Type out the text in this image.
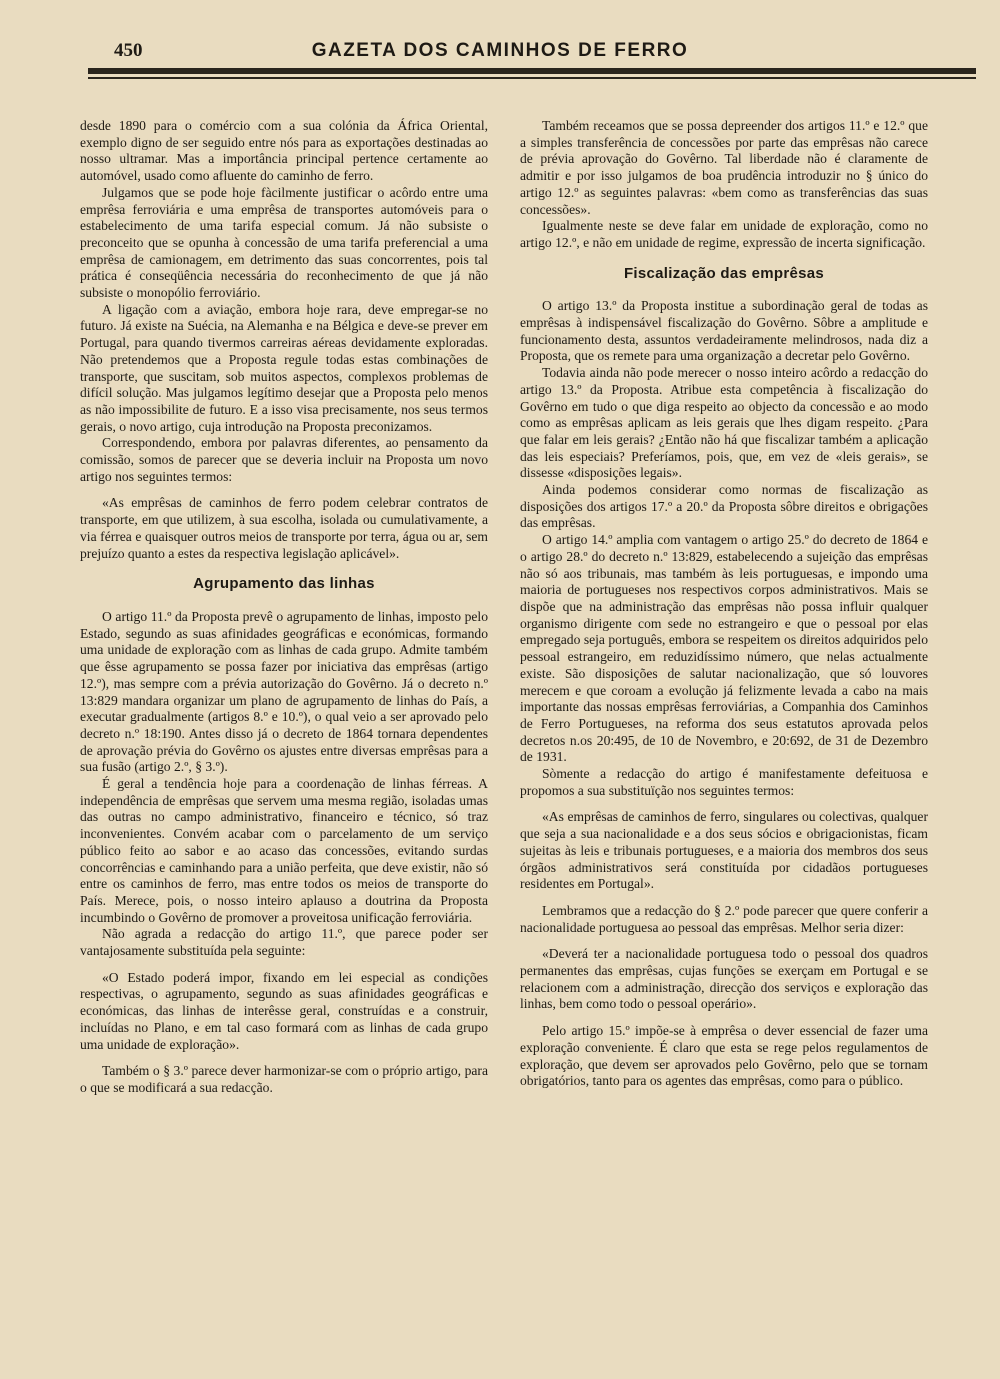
450	GAZETA DOS CAMINHOS DE FERRO

desde 1890 para o comércio com a sua colónia da África Oriental, exemplo digno de ser seguido entre nós para as exportações destinadas ao nosso ultramar. Mas a importância principal pertence certamente ao automóvel, usado como afluente do caminho de ferro.

Julgamos que se pode hoje fàcilmente justificar o acôrdo entre uma emprêsa ferroviária e uma emprêsa de transportes automóveis para o estabelecimento de uma tarifa especial comum. Já não subsiste o preconceito que se opunha à concessão de uma tarifa preferencial a uma emprêsa de camionagem, em detrimento das suas concorrentes, pois tal prática é conseqüência necessária do reconhecimento de que já não subsiste o monopólio ferroviário.

A ligação com a aviação, embora hoje rara, deve empregar-se no futuro. Já existe na Suécia, na Alemanha e na Bélgica e deve-se prever em Portugal, para quando tivermos carreiras aéreas devidamente exploradas. Não pretendemos que a Proposta regule todas estas combinações de transporte, que suscitam, sob muitos aspectos, complexos problemas de difícil solução. Mas julgamos legítimo desejar que a Proposta pelo menos as não impossibilite de futuro. E a isso visa precisamente, nos seus termos gerais, o novo artigo, cuja introdução na Proposta preconizamos.

Correspondendo, embora por palavras diferentes, ao pensamento da comissão, somos de parecer que se deveria incluir na Proposta um novo artigo nos seguintes termos:

«As emprêsas de caminhos de ferro podem celebrar contratos de transporte, em que utilizem, à sua escolha, isolada ou cumulativamente, a via férrea e quaisquer outros meios de transporte por terra, água ou ar, sem prejuízo quanto a estes da respectiva legislação aplicável».

Agrupamento das linhas

O artigo 11.º da Proposta prevê o agrupamento de linhas, imposto pelo Estado, segundo as suas afinidades geográficas e económicas, formando uma unidade de exploração com as linhas de cada grupo. Admite também que êsse agrupamento se possa fazer por iniciativa das emprêsas (artigo 12.º), mas sempre com a prévia autorização do Govêrno. Já o decreto n.º 13:829 mandara organizar um plano de agrupamento de linhas do País, a executar gradualmente (artigos 8.º e 10.º), o qual veio a ser aprovado pelo decreto n.º 18:190. Antes disso já o decreto de 1864 tornara dependentes de aprovação prévia do Govêrno os ajustes entre diversas emprêsas para a sua fusão (artigo 2.º, § 3.º).

É geral a tendência hoje para a coordenação de linhas férreas. A independência de emprêsas que servem uma mesma região, isoladas umas das outras no campo administrativo, financeiro e técnico, só traz inconvenientes. Convém acabar com o parcelamento de um serviço público feito ao sabor e ao acaso das concessões, evitando surdas concorrências e caminhando para a união perfeita, que deve existir, não só entre os caminhos de ferro, mas entre todos os meios de transporte do País. Merece, pois, o nosso inteiro aplauso a doutrina da Proposta incumbindo o Govêrno de promover a proveitosa unificação ferroviária.

Não agrada a redacção do artigo 11.º, que parece poder ser vantajosamente substituída pela seguinte:

«O Estado poderá impor, fixando em lei especial as condições respectivas, o agrupamento, segundo as suas afinidades geográficas e económicas, das linhas de interêsse geral, construídas e a construir, incluídas no Plano, e em tal caso formará com as linhas de cada grupo uma unidade de exploração».

Também o § 3.º parece dever harmonizar-se com o próprio artigo, para o que se modificará a sua redacção.

Também receamos que se possa depreender dos artigos 11.º e 12.º que a simples transferência de concessões por parte das emprêsas não carece de prévia aprovação do Govêrno. Tal liberdade não é claramente de admitir e por isso julgamos de boa prudência introduzir no § único do artigo 12.º as seguintes palavras: «bem como as transferências das suas concessões».

Igualmente neste se deve falar em unidade de exploração, como no artigo 12.º, e não em unidade de regime, expressão de incerta significação.

Fiscalização das emprêsas

O artigo 13.º da Proposta institue a subordinação geral de todas as emprêsas à indispensável fiscalização do Govêrno. Sôbre a amplitude e funcionamento desta, assuntos verdadeiramente melindrosos, nada diz a Proposta, que os remete para uma organização a decretar pelo Govêrno.

Todavia ainda não pode merecer o nosso inteiro acôrdo a redacção do artigo 13.º da Proposta. Atribue esta competência à fiscalização do Govêrno em tudo o que diga respeito ao objecto da concessão e ao modo como as emprêsas aplicam as leis gerais que lhes digam respeito. ¿Para que falar em leis gerais? ¿Então não há que fiscalizar também a aplicação das leis especiais? Preferíamos, pois, que, em vez de «leis gerais», se dissesse «disposições legais».

Ainda podemos considerar como normas de fiscalização as disposições dos artigos 17.º a 20.º da Proposta sôbre direitos e obrigações das emprêsas.

O artigo 14.º amplia com vantagem o artigo 25.º do decreto de 1864 e o artigo 28.º do decreto n.º 13:829, estabelecendo a sujeição das emprêsas não só aos tribunais, mas também às leis portuguesas, e impondo uma maioria de portugueses nos respectivos corpos administrativos. Mais se dispõe que na administração das emprêsas não possa influir qualquer organismo dirigente com sede no estrangeiro e que o pessoal por elas empregado seja português, embora se respeitem os direitos adquiridos pelo pessoal estrangeiro, em reduzidíssimo número, que nelas actualmente existe. São disposições de salutar nacionalização, que só louvores merecem e que coroam a evolução já felizmente levada a cabo na mais importante das nossas emprêsas ferroviárias, a Companhia dos Caminhos de Ferro Portugueses, na reforma dos seus estatutos aprovada pelos decretos n.os 20:495, de 10 de Novembro, e 20:692, de 31 de Dezembro de 1931.

Sòmente a redacção do artigo é manifestamente defeituosa e propomos a sua substituïção nos seguintes termos:

«As emprêsas de caminhos de ferro, singulares ou colectivas, qualquer que seja a sua nacionalidade e a dos seus sócios e obrigacionistas, ficam sujeitas às leis e tribunais portugueses, e a maioria dos membros dos seus órgãos administrativos será constituída por cidadãos portugueses residentes em Portugal».

Lembramos que a redacção do § 2.º pode parecer que quere conferir a nacionalidade portuguesa ao pessoal das emprêsas. Melhor seria dizer:

«Deverá ter a nacionalidade portuguesa todo o pessoal dos quadros permanentes das emprêsas, cujas funções se exerçam em Portugal e se relacionem com a administração, direcção dos serviços e exploração das linhas, bem como todo o pessoal operário».

Pelo artigo 15.º impõe-se à emprêsa o dever essencial de fazer uma exploração conveniente. É claro que esta se rege pelos regulamentos de exploração, que devem ser aprovados pelo Govêrno, pelo que se tornam obrigatórios, tanto para os agentes das emprêsas, como para o público.
